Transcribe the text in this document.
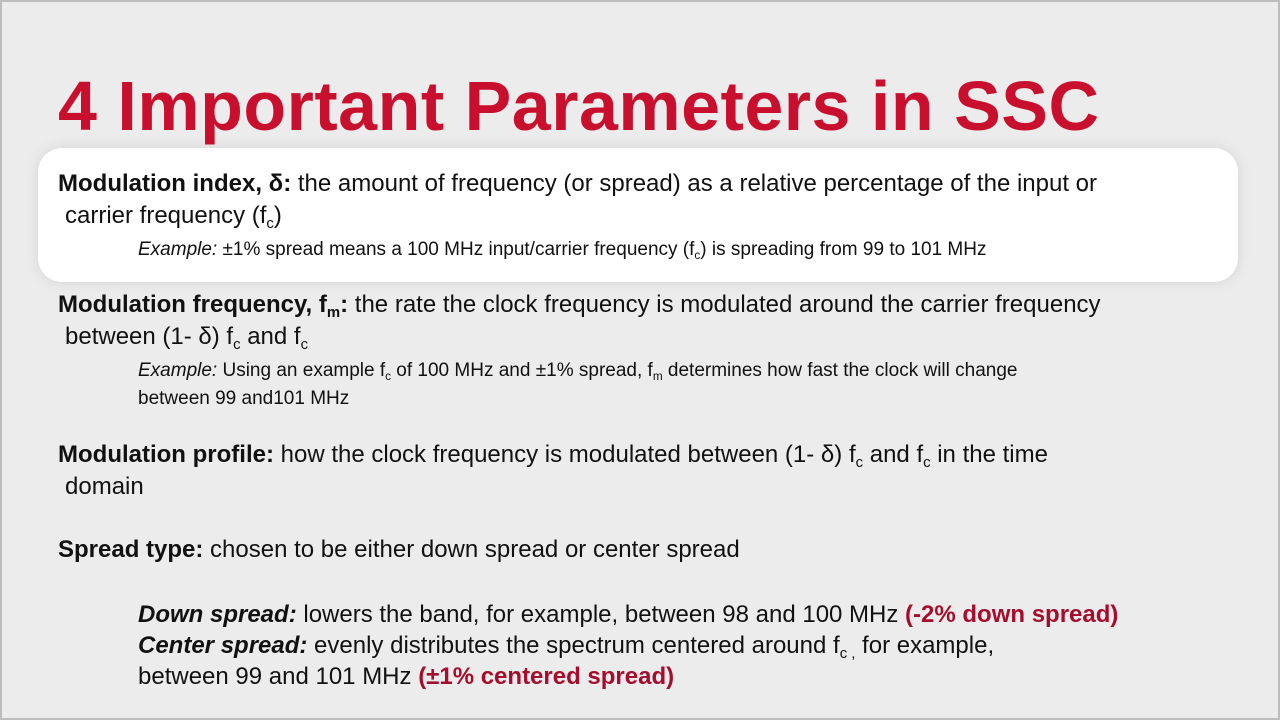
4 Important Parameters in SSC
Modulation index, δ: the amount of frequency (or spread) as a relative percentage of the input or
carrier frequency $(f_c)$
Example: ±1% spread means a 100 MHz input/carrier frequency $(f_c)$ is spreading from 99 to 101 MHz
Modulation frequency, $f_m$: the rate the clock frequency is modulated around the carrier frequency
between (1- δ) $f_c$ and $f_c$
Example: Using an example $f_c$ of 100 MHz and ±1% spread, $f_m$ determines how fast the clock will change
between 99 and101 MHz
Modulation profile: how the clock frequency is modulated between (1- δ) $f_c$ and $f_c$ in the time
domain
Spread type: chosen to be either down spread or center spread
Down spread: lowers the band, for example, between 98 and 100 MHz (-2% down spread)
Center spread: evenly distributes the spectrum centered around $f_{c ,}$ for example,
between 99 and 101 MHz (±1% centered spread)
